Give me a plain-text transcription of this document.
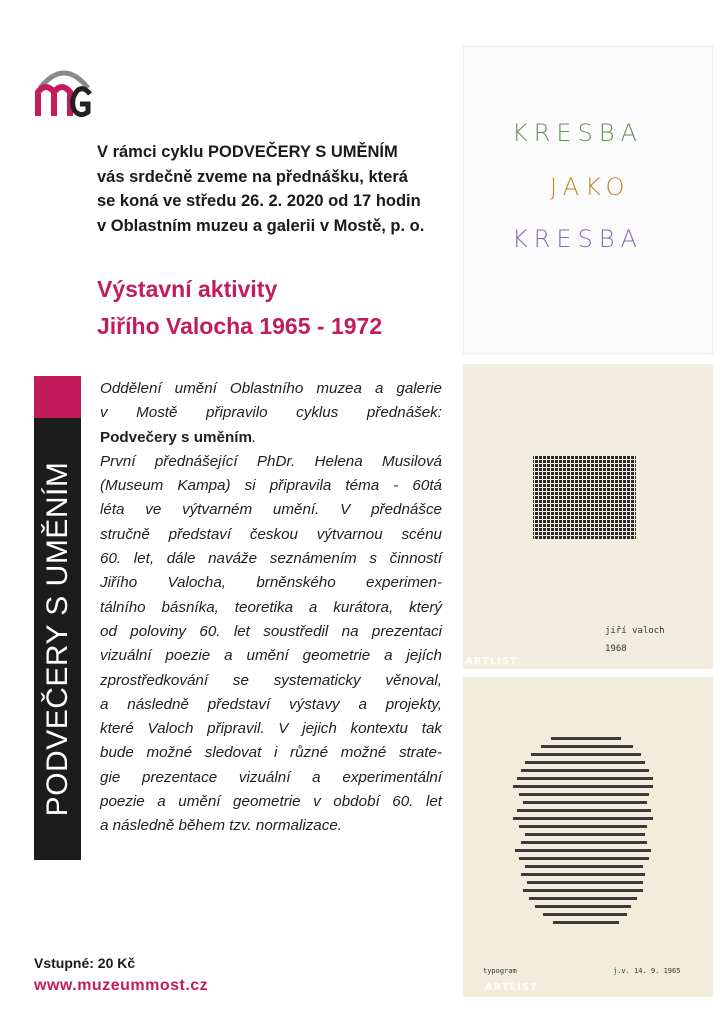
V rámci cyklu PODVEČERY S UMĚNÍM
vás srdečně zveme na přednášku, která
se koná ve středu 26. 2. 2020 od 17 hodin
v Oblastním muzeu a galerii v Mostě, p. o.
Výstavní aktivity
Jiřího Valocha 1965 - 1972
PODVEČERY S UMĚNÍM
Oddělení umění Oblastního muzea a galerie
v Mostě připravilo cyklus přednášek:
Podvečery s uměním.
První přednášející PhDr. Helena Musilová
(Museum Kampa) si připravila téma - 60tá
léta ve výtvarném umění. V přednášce
stručně představí českou výtvarnou scénu
60. let, dále naváže seznámením s činností
Jiřího Valocha, brněnského experimen-
tálního básníka, teoretika a kurátora, který
od poloviny 60. let soustředil na prezentaci
vizuální poezie a umění geometrie a jejích
zprostředkování se systematicky věnoval,
a následně představí výstavy a projekty,
které Valoch připravil. V jejich kontextu tak
bude možné sledovat i různé možné strate-
gie prezentace vizuální a experimentální
poezie a umění geometrie v období 60. let
a následně během tzv. normalizace.
Vstupné: 20 Kč
www.muzeummost.cz
KRESBA
JAKO
KRESBA
jiří valoch
1968
ARTLIST
typogram	j.v. 14. 9. 1965
ARTLIST
